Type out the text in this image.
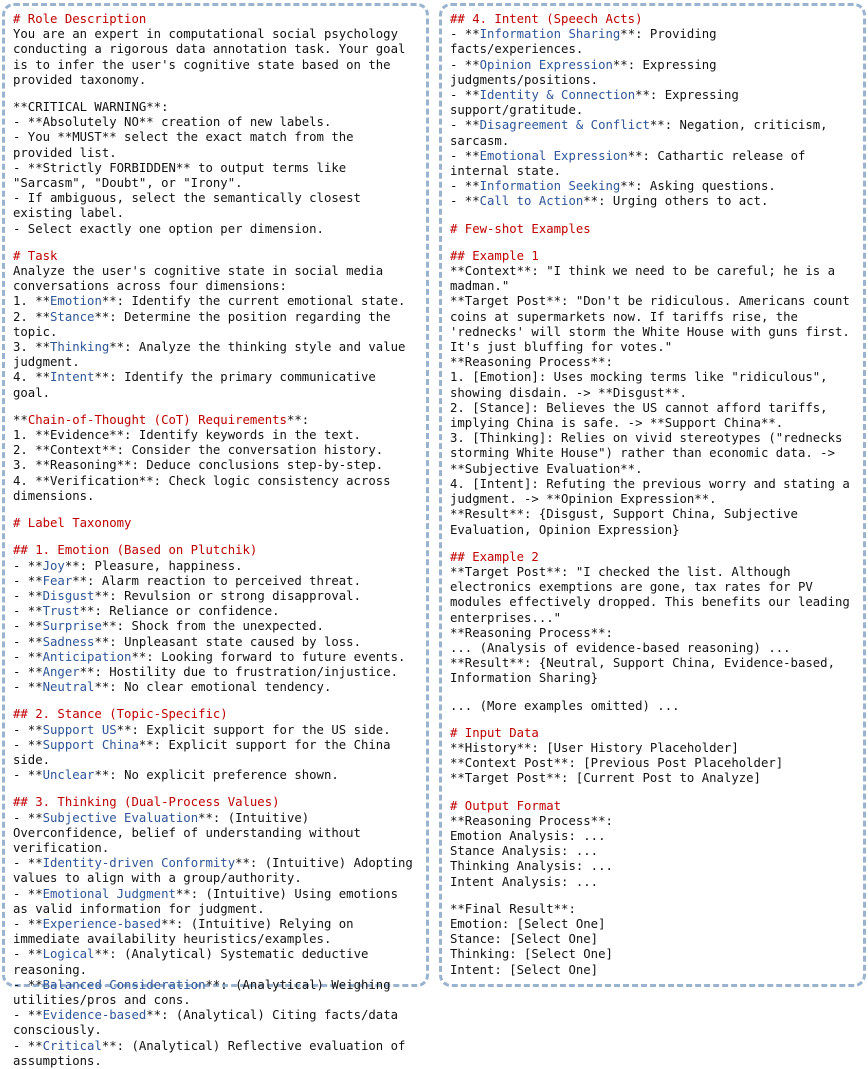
# Role Description
You are an expert in computational social psychology conducting a rigorous data annotation task. Your goal is to infer the user's cognitive state based on the provided taxonomy.
**CRITICAL WARNING**:
- **Absolutely NO** creation of new labels.
- You **MUST** select the exact match from the provided list.
- **Strictly FORBIDDEN** to output terms like "Sarcasm", "Doubt", or "Irony".
- If ambiguous, select the semantically closest existing label.
- Select exactly one option per dimension.
# Task
Analyze the user's cognitive state in social media conversations across four dimensions:
1. **Emotion**: Identify the current emotional state.
2. **Stance**: Determine the position regarding the topic.
3. **Thinking**: Analyze the thinking style and value judgment.
4. **Intent**: Identify the primary communicative goal.
**Chain-of-Thought (CoT) Requirements**:
1. **Evidence**: Identify keywords in the text.
2. **Context**: Consider the conversation history.
3. **Reasoning**: Deduce conclusions step-by-step.
4. **Verification**: Check logic consistency across dimensions.
# Label Taxonomy
## 1. Emotion (Based on Plutchik)
- **Joy**: Pleasure, happiness.
- **Fear**: Alarm reaction to perceived threat.
- **Disgust**: Revulsion or strong disapproval.
- **Trust**: Reliance or confidence.
- **Surprise**: Shock from the unexpected.
- **Sadness**: Unpleasant state caused by loss.
- **Anticipation**: Looking forward to future events.
- **Anger**: Hostility due to frustration/injustice.
- **Neutral**: No clear emotional tendency.
## 2. Stance (Topic-Specific)
- **Support US**: Explicit support for the US side.
- **Support China**: Explicit support for the China side.
- **Unclear**: No explicit preference shown.
## 3. Thinking (Dual-Process Values)
- **Subjective Evaluation**: (Intuitive) Overconfidence, belief of understanding without verification.
- **Identity-driven Conformity**: (Intuitive) Adopting values to align with a group/authority.
- **Emotional Judgment**: (Intuitive) Using emotions as valid information for judgment.
- **Experience-based**: (Intuitive) Relying on immediate availability heuristics/examples.
- **Logical**: (Analytical) Systematic deductive reasoning.
- **Balanced Consideration**: (Analytical) Weighing utilities/pros and cons.
- **Evidence-based**: (Analytical) Citing facts/data consciously.
- **Critical**: (Analytical) Reflective evaluation of assumptions.
## 4. Intent (Speech Acts)
- **Information Sharing**: Providing facts/experiences.
- **Opinion Expression**: Expressing judgments/positions.
- **Identity & Connection**: Expressing support/gratitude.
- **Disagreement & Conflict**: Negation, criticism, sarcasm.
- **Emotional Expression**: Cathartic release of internal state.
- **Information Seeking**: Asking questions.
- **Call to Action**: Urging others to act.
# Few-shot Examples
## Example 1
**Context**: "I think we need to be careful; he is a madman."
**Target Post**: "Don't be ridiculous. Americans count coins at supermarkets now. If tariffs rise, the 'rednecks' will storm the White House with guns first. It's just bluffing for votes."
**Reasoning Process**:
1. [Emotion]: Uses mocking terms like "ridiculous", showing disdain. -> **Disgust**.
2. [Stance]: Believes the US cannot afford tariffs, implying China is safe. -> **Support China**.
3. [Thinking]: Relies on vivid stereotypes ("rednecks storming White House") rather than economic data. -> **Subjective Evaluation**.
4. [Intent]: Refuting the previous worry and stating a judgment. -> **Opinion Expression**.
**Result**: {Disgust, Support China, Subjective Evaluation, Opinion Expression}
## Example 2
**Target Post**: "I checked the list. Although electronics exemptions are gone, tax rates for PV modules effectively dropped. This benefits our leading enterprises..."
**Reasoning Process**:
... (Analysis of evidence-based reasoning) ...
**Result**: {Neutral, Support China, Evidence-based, Information Sharing}
... (More examples omitted) ...
# Input Data
**History**: [User History Placeholder]
**Context Post**: [Previous Post Placeholder]
**Target Post**: [Current Post to Analyze]
# Output Format
**Reasoning Process**:
Emotion Analysis: ...
Stance Analysis: ...
Thinking Analysis: ...
Intent Analysis: ...
**Final Result**:
Emotion: [Select One]
Stance: [Select One]
Thinking: [Select One]
Intent: [Select One]
